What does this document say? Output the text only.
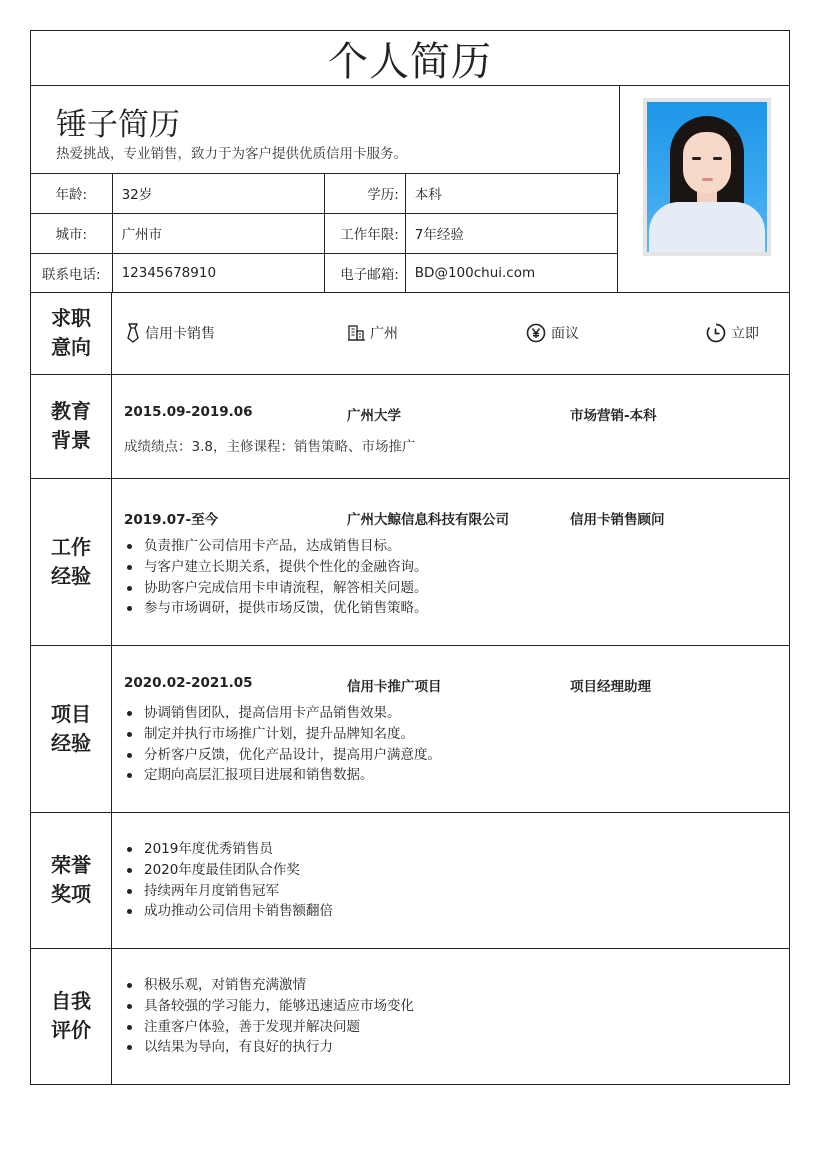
个人简历
锤子简历
热爱挑战，专业销售，致力于为客户提供优质信用卡服务。
年龄:	32岁	学历:	本科
城市:	广州市	工作年限:	7年经验
联系电话:	12345678910	电子邮箱:	BD@100chui.com
求职
意向
信用卡销售	广州	面议	立即
教育
背景
2015.09-2019.06	广州大学	市场营销-本科
成绩绩点：3.8，主修课程：销售策略、市场推广
工作
经验
2019.07-至今	广州大鲸信息科技有限公司	信用卡销售顾问
负责推广公司信用卡产品，达成销售目标。
与客户建立长期关系，提供个性化的金融咨询。
协助客户完成信用卡申请流程，解答相关问题。
参与市场调研，提供市场反馈，优化销售策略。
项目
经验
2020.02-2021.05	信用卡推广项目	项目经理助理
协调销售团队，提高信用卡产品销售效果。
制定并执行市场推广计划，提升品牌知名度。
分析客户反馈，优化产品设计，提高用户满意度。
定期向高层汇报项目进展和销售数据。
荣誉
奖项
2019年度优秀销售员
2020年度最佳团队合作奖
持续两年月度销售冠军
成功推动公司信用卡销售额翻倍
自我
评价
积极乐观，对销售充满激情
具备较强的学习能力，能够迅速适应市场变化
注重客户体验，善于发现并解决问题
以结果为导向，有良好的执行力
